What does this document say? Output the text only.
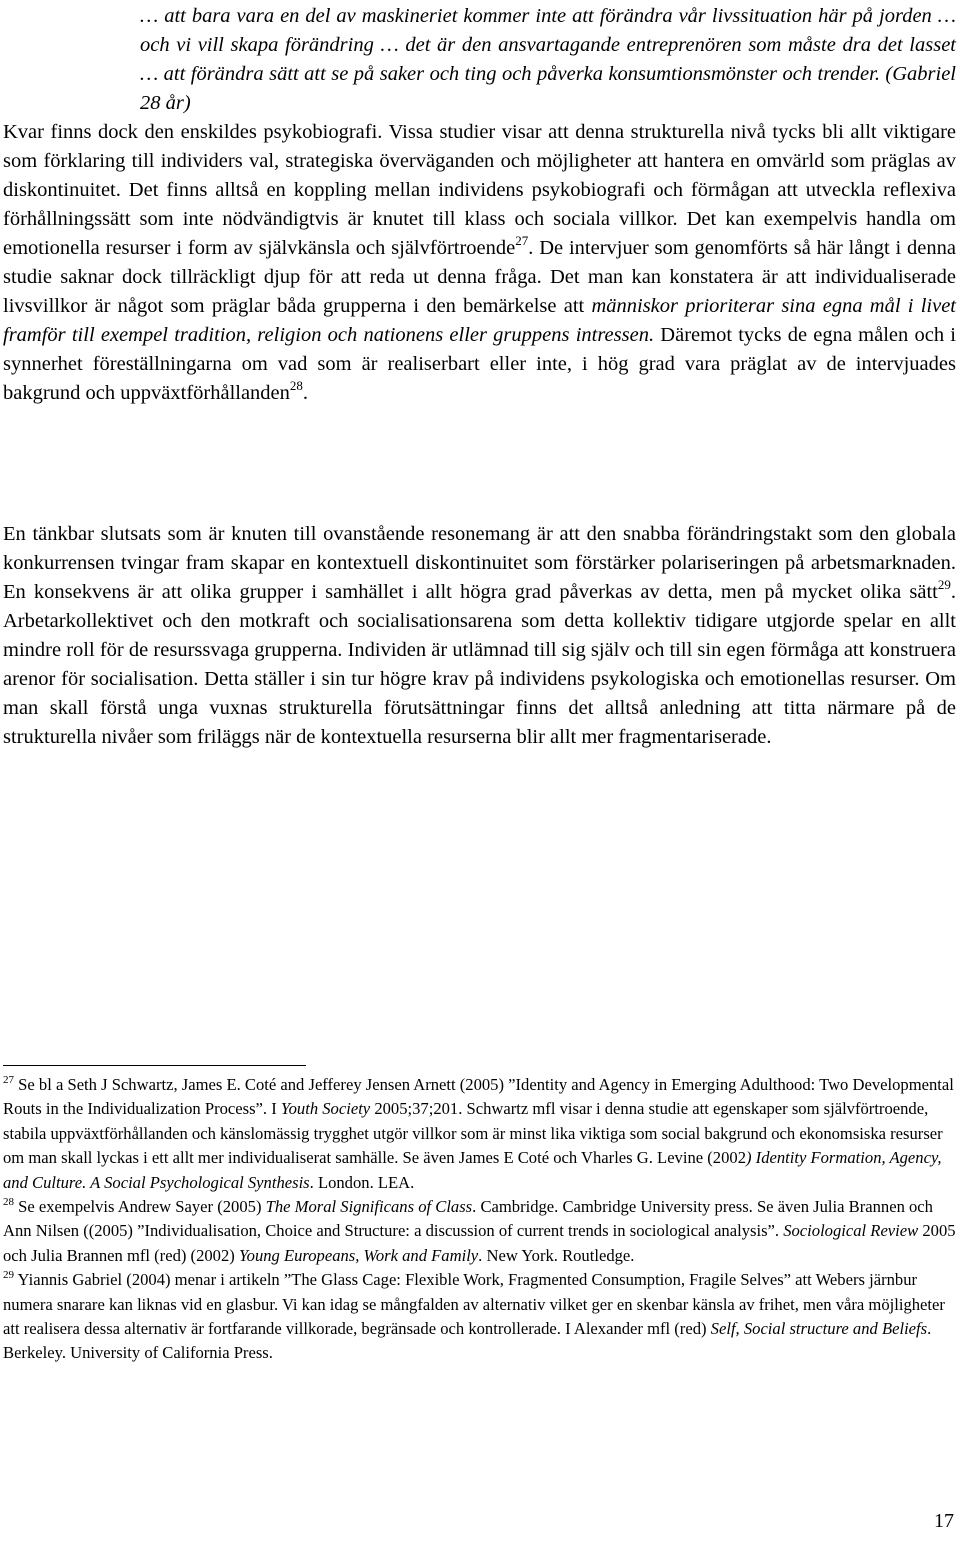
… att bara vara en del av maskineriet kommer inte att förändra vår livssituation här på jorden … och vi vill skapa förändring … det är den ansvartagande entreprenören som måste dra det lasset … att förändra sätt att se på saker och ting och påverka konsumtionsmönster och trender. (Gabriel 28 år)
Kvar finns dock den enskildes psykobiografi. Vissa studier visar att denna strukturella nivå tycks bli allt viktigare som förklaring till individers val, strategiska överväganden och möjligheter att hantera en omvärld som präglas av diskontinuitet. Det finns alltså en koppling mellan individens psykobiografi och förmågan att utveckla reflexiva förhållningssätt som inte nödvändigtvis är knutet till klass och sociala villkor. Det kan exempelvis handla om emotionella resurser i form av självkänsla och självförtroende$^{27}$. De intervjuer som genomförts så här långt i denna studie saknar dock tillräckligt djup för att reda ut denna fråga. Det man kan konstatera är att individualiserade livsvillkor är något som präglar båda grupperna i den bemärkelse att människor prioriterar sina egna mål i livet framför till exempel tradition, religion och nationens eller gruppens intressen. Däremot tycks de egna målen och i synnerhet föreställningarna om vad som är realiserbart eller inte, i hög grad vara präglat av de intervjuades bakgrund och uppväxtförhållanden$^{28}$.
En tänkbar slutsats som är knuten till ovanstående resonemang är att den snabba förändringstakt som den globala konkurrensen tvingar fram skapar en kontextuell diskontinuitet som förstärker polariseringen på arbetsmarknaden. En konsekvens är att olika grupper i samhället i allt högra grad påverkas av detta, men på mycket olika sätt$^{29}$. Arbetarkollektivet och den motkraft och socialisationsarena som detta kollektiv tidigare utgjorde spelar en allt mindre roll för de resurssvaga grupperna. Individen är utlämnad till sig själv och till sin egen förmåga att konstruera arenor för socialisation. Detta ställer i sin tur högre krav på individens psykologiska och emotionellas resurser. Om man skall förstå unga vuxnas strukturella förutsättningar finns det alltså anledning att titta närmare på de strukturella nivåer som friläggs när de kontextuella resurserna blir allt mer fragmentariserade.

$^{27}$ Se bl a Seth J Schwartz, James E. Coté and Jefferey Jensen Arnett (2005) ”Identity and Agency in Emerging Adulthood: Two Developmental Routs in the Individualization Process”. I Youth Society 2005;37;201. Schwartz mfl visar i denna studie att egenskaper som självförtroende, stabila uppväxtförhållanden och känslomässig trygghet utgör villkor som är minst lika viktiga som social bakgrund och ekonomsiska resurser om man skall lyckas i ett allt mer individualiserat samhälle. Se även James E Coté och Vharles G. Levine (2002) Identity Formation, Agency, and Culture. A Social Psychological Synthesis. London. LEA.

$^{28}$ Se exempelvis Andrew Sayer (2005) The Moral Significans of Class. Cambridge. Cambridge University press. Se även Julia Brannen och Ann Nilsen ((2005) ”Individualisation, Choice and Structure: a discussion of current trends in sociological analysis”. Sociological Review 2005 och Julia Brannen mfl (red) (2002) Young Europeans, Work and Family. New York. Routledge.

$^{29}$ Yiannis Gabriel (2004) menar i artikeln ”The Glass Cage: Flexible Work, Fragmented Consumption, Fragile Selves” att Webers järnbur numera snarare kan liknas vid en glasbur. Vi kan idag se mångfalden av alternativ vilket ger en skenbar känsla av frihet, men våra möjligheter att realisera dessa alternativ är fortfarande villkorade, begränsade och kontrollerade. I Alexander mfl (red) Self, Social structure and Beliefs. Berkeley. University of California Press.

17
